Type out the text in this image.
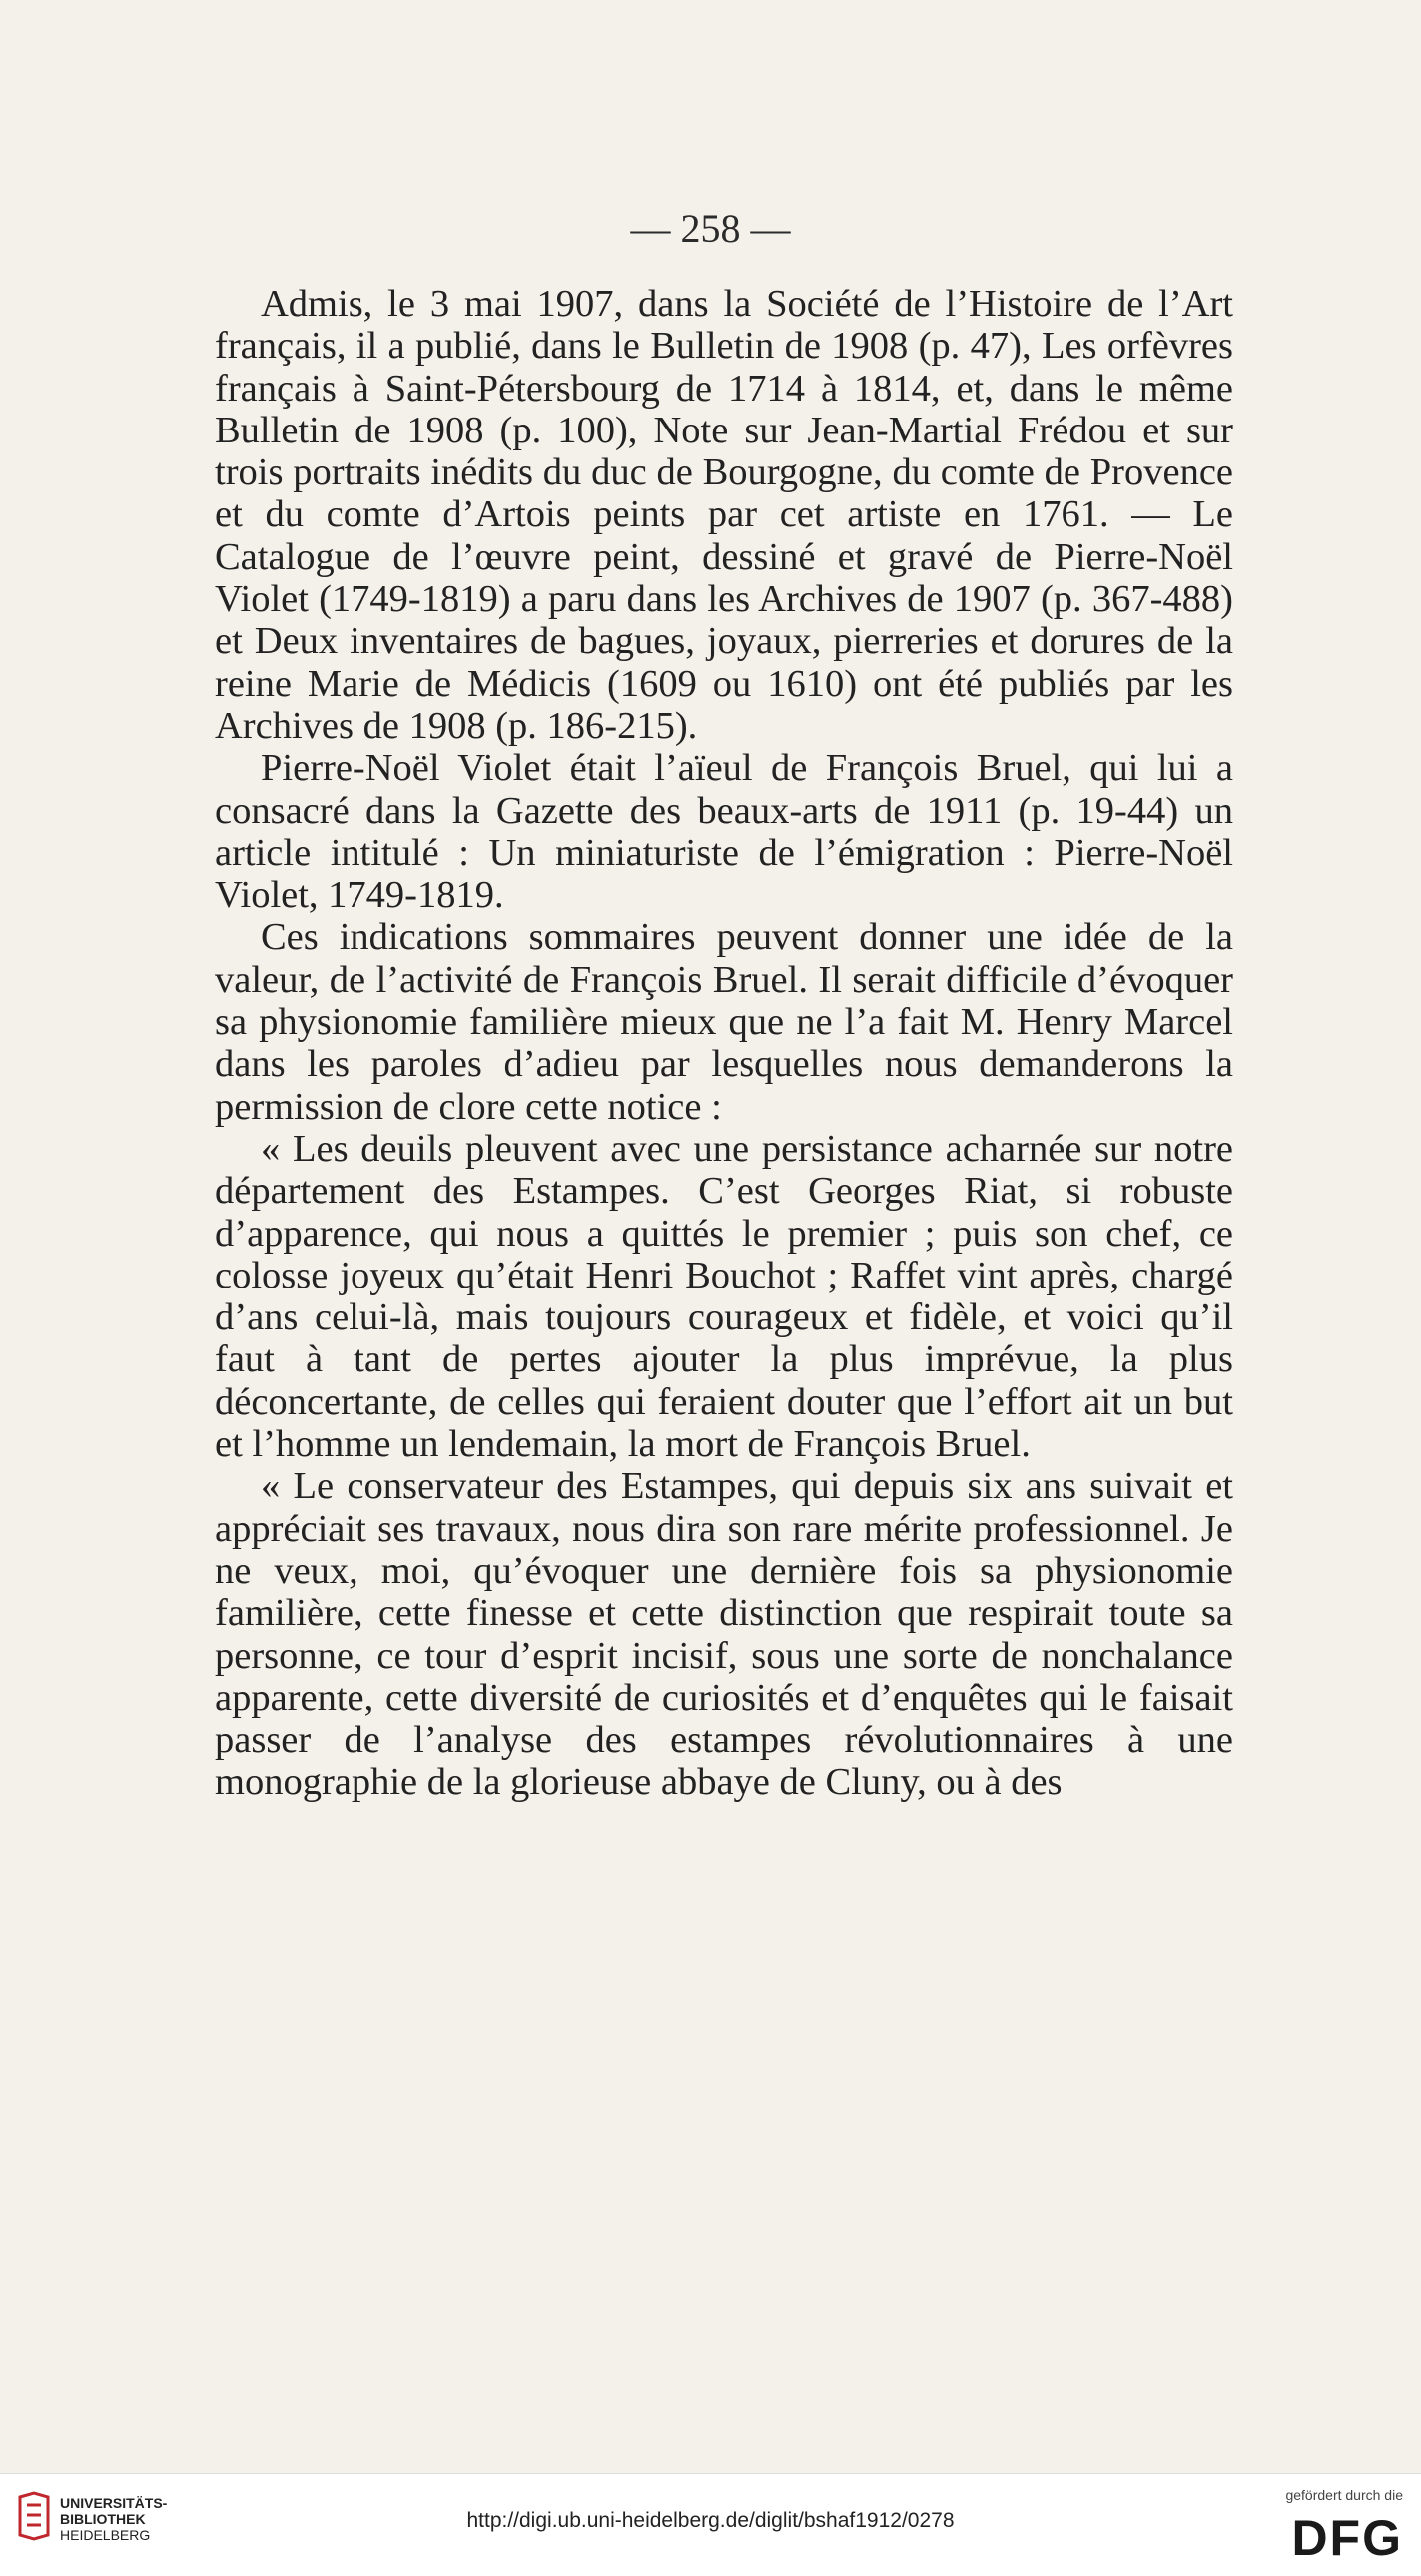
— 258 —

Admis, le 3 mai 1907, dans la Société de l’Histoire de l’Art français, il a publié, dans le Bulletin de 1908 (p. 47), Les orfèvres français à Saint-Pétersbourg de 1714 à 1814, et, dans le même Bulletin de 1908 (p. 100), Note sur Jean-Martial Frédou et sur trois portraits inédits du duc de Bourgogne, du comte de Provence et du comte d’Artois peints par cet artiste en 1761. — Le Catalogue de l’œuvre peint, dessiné et gravé de Pierre-Noël Violet (1749-1819) a paru dans les Archives de 1907 (p. 367-488) et Deux inventaires de bagues, joyaux, pierreries et dorures de la reine Marie de Médicis (1609 ou 1610) ont été publiés par les Archives de 1908 (p. 186-215).

Pierre-Noël Violet était l’aïeul de François Bruel, qui lui a consacré dans la Gazette des beaux-arts de 1911 (p. 19-44) un article intitulé : Un miniaturiste de l’émigration : Pierre-Noël Violet, 1749-1819.

Ces indications sommaires peuvent donner une idée de la valeur, de l’activité de François Bruel. Il serait difficile d’évoquer sa physionomie familière mieux que ne l’a fait M. Henry Marcel dans les paroles d’adieu par lesquelles nous demanderons la permission de clore cette notice :

« Les deuils pleuvent avec une persistance acharnée sur notre département des Estampes. C’est Georges Riat, si robuste d’apparence, qui nous a quittés le premier ; puis son chef, ce colosse joyeux qu’était Henri Bouchot ; Raffet vint après, chargé d’ans celui-là, mais toujours courageux et fidèle, et voici qu’il faut à tant de pertes ajouter la plus imprévue, la plus déconcertante, de celles qui feraient douter que l’effort ait un but et l’homme un lendemain, la mort de François Bruel.

« Le conservateur des Estampes, qui depuis six ans suivait et appréciait ses travaux, nous dira son rare mérite professionnel. Je ne veux, moi, qu’évoquer une dernière fois sa physionomie familière, cette finesse et cette distinction que respirait toute sa personne, ce tour d’esprit incisif, sous une sorte de nonchalance apparente, cette diversité de curiosités et d’enquêtes qui le faisait passer de l’analyse des estampes révolutionnaires à une monographie de la glorieuse abbaye de Cluny, ou à des

UNIVERSITÄTS-
BIBLIOTHEK
HEIDELBERG
http://digi.ub.uni-heidelberg.de/diglit/bshaf1912/0278
gefördert durch die
DFG
